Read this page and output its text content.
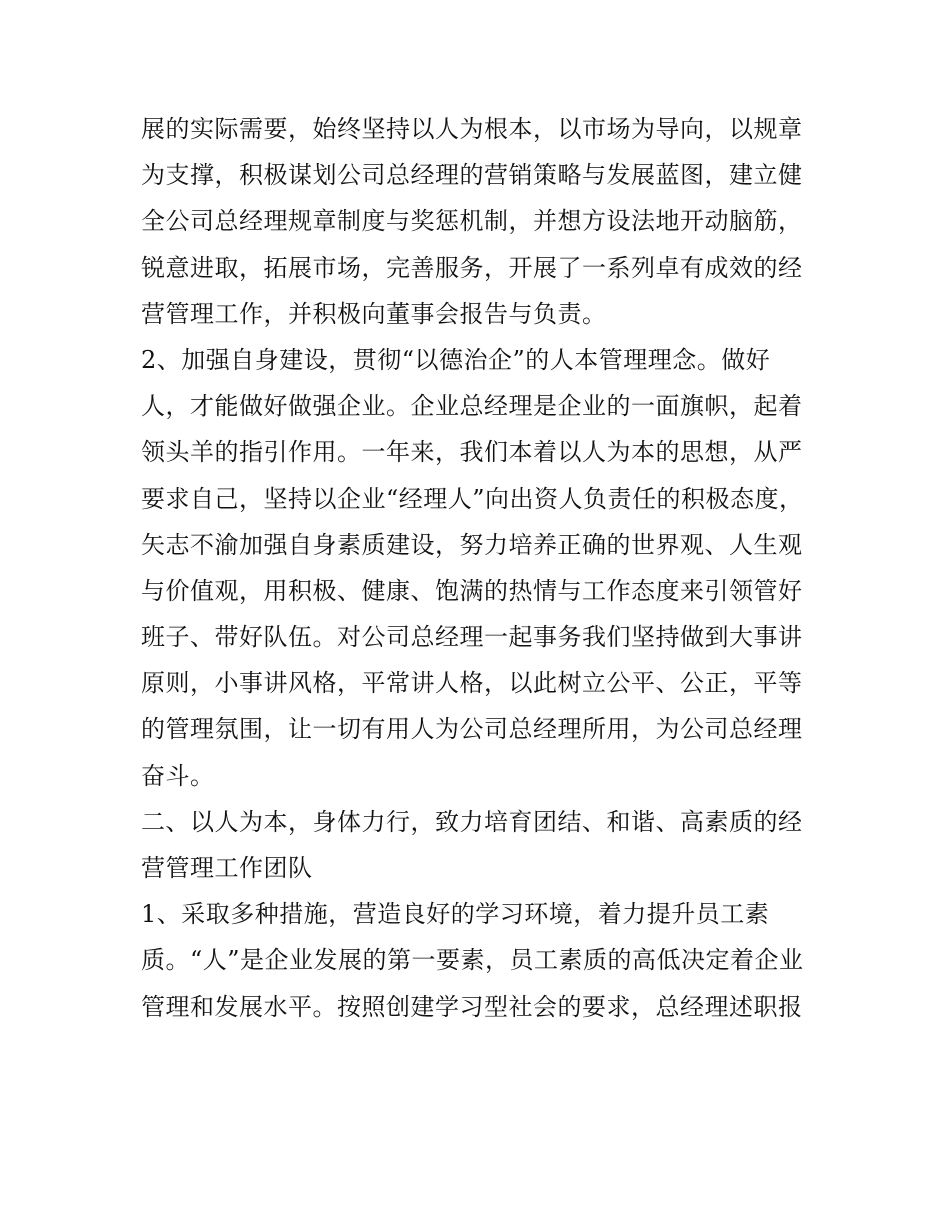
展的实际需要，始终坚持以人为根本，以市场为导向，以规章
为支撑，积极谋划公司总经理的营销策略与发展蓝图，建立健
全公司总经理规章制度与奖惩机制，并想方设法地开动脑筋，
锐意进取，拓展市场，完善服务，开展了一系列卓有成效的经
营管理工作，并积极向董事会报告与负责。
2、加强自身建设，贯彻“以德治企”的人本管理理念。做好
人，才能做好做强企业。企业总经理是企业的一面旗帜，起着
领头羊的指引作用。一年来，我们本着以人为本的思想，从严
要求自己，坚持以企业“经理人”向出资人负责任的积极态度，
矢志不渝加强自身素质建设，努力培养正确的世界观、人生观
与价值观，用积极、健康、饱满的热情与工作态度来引领管好
班子、带好队伍。对公司总经理一起事务我们坚持做到大事讲
原则，小事讲风格，平常讲人格，以此树立公平、公正，平等
的管理氛围，让一切有用人为公司总经理所用，为公司总经理
奋斗。
二、以人为本，身体力行，致力培育团结、和谐、高素质的经
营管理工作团队
1、采取多种措施，营造良好的学习环境，着力提升员工素
质。“人”是企业发展的第一要素，员工素质的高低决定着企业
管理和发展水平。按照创建学习型社会的要求，总经理述职报
